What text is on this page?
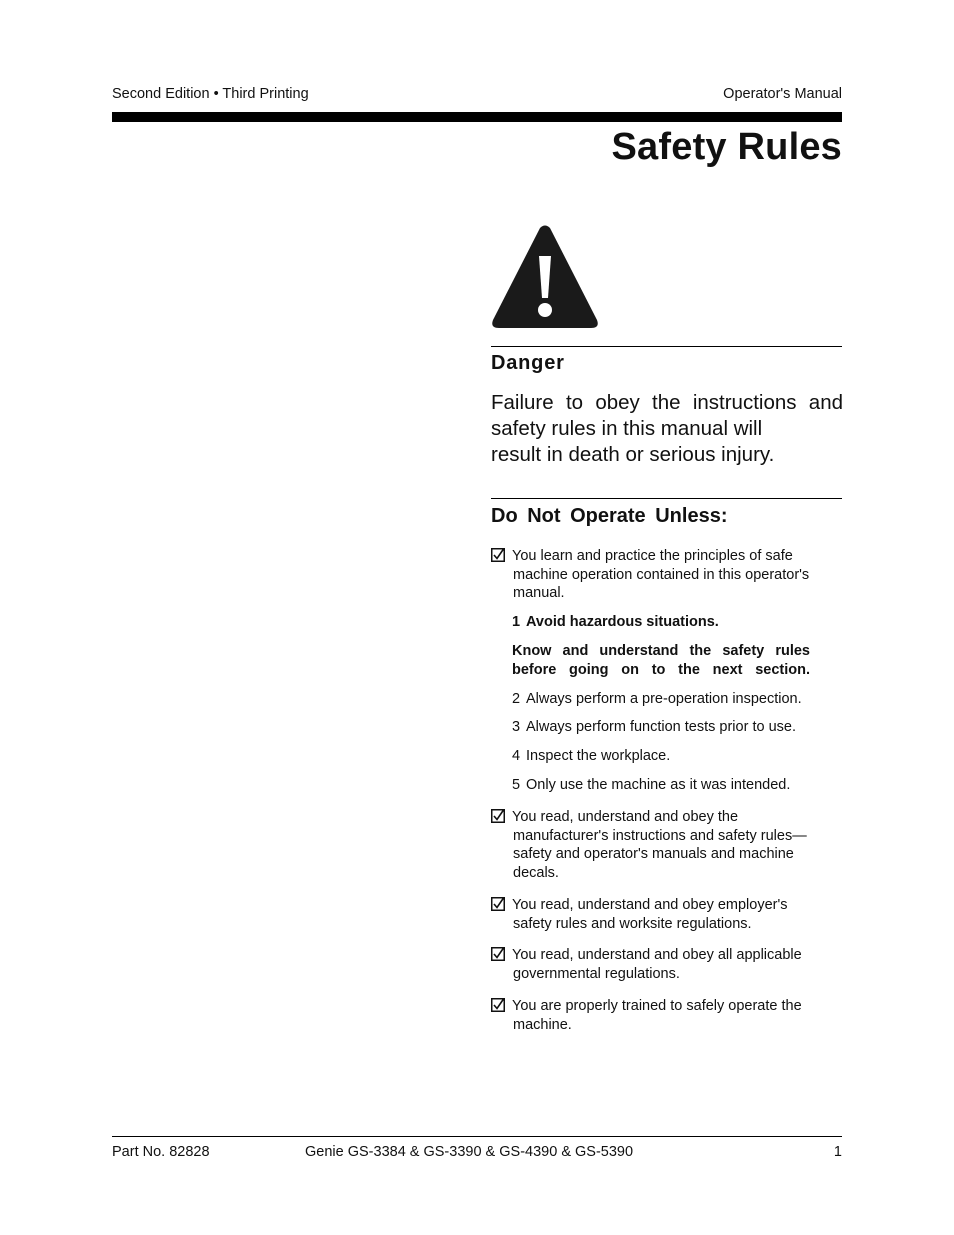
Second Edition • Third Printing	Operator's Manual
Safety Rules
Danger
Failure to obey the instructions and
safety rules in this manual will
result in death or serious injury.
Do Not Operate Unless:
You learn and practice the principles of safe
machine operation contained in this operator's
manual.
1 Avoid hazardous situations.
Know and understand the safety rules
before going on to the next section.
2 Always perform a pre-operation inspection.
3 Always perform function tests prior to use.
4 Inspect the workplace.
5 Only use the machine as it was intended.
You read, understand and obey the
manufacturer's instructions and safety rules—
safety and operator's manuals and machine
decals.
You read, understand and obey employer's
safety rules and worksite regulations.
You read, understand and obey all applicable
governmental regulations.
You are properly trained to safely operate the
machine.
Part No. 82828	Genie GS-3384 & GS-3390 & GS-4390 & GS-5390	1
